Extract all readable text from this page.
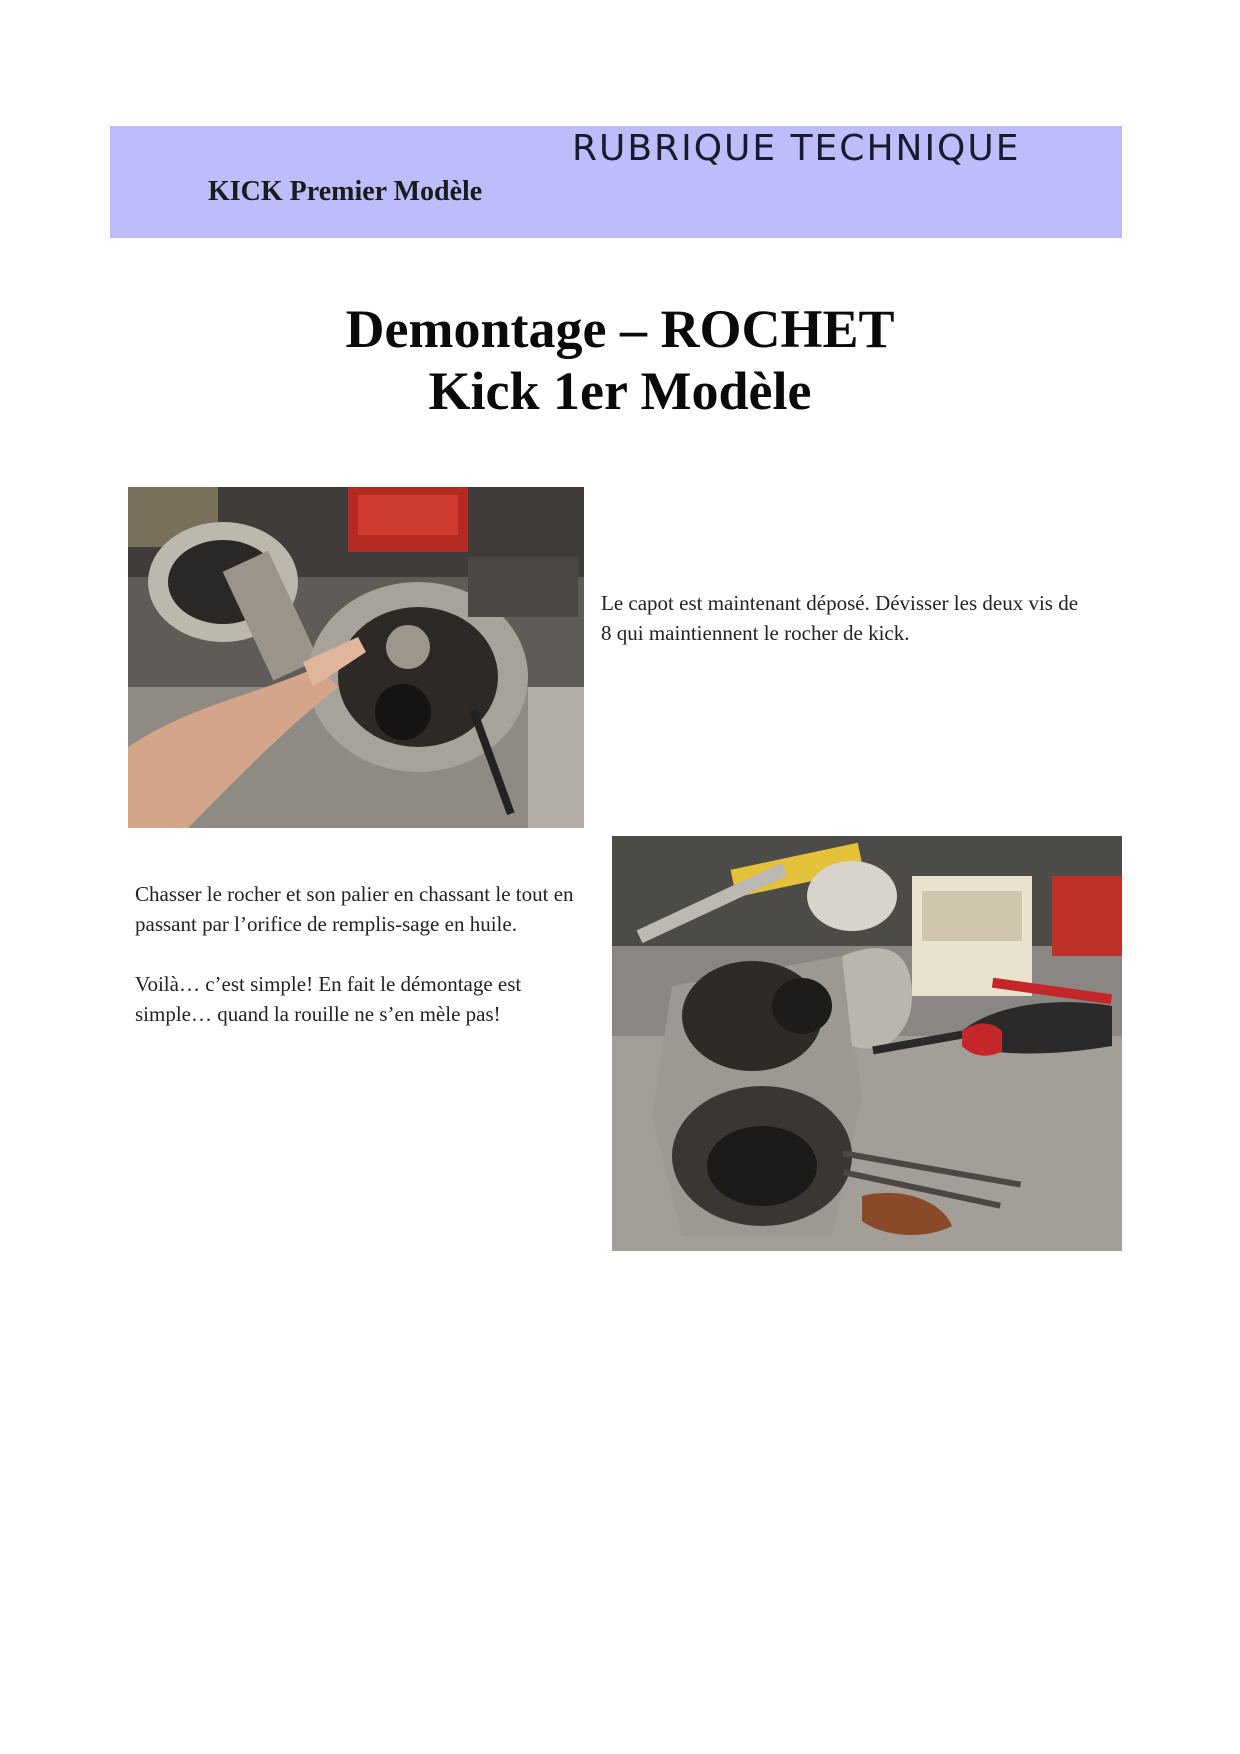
RUBRIQUE TECHNIQUE
KICK Premier Modèle
Demontage – ROCHET
Kick 1er Modèle
Le capot est maintenant déposé. Dévisser les deux vis de 8 qui maintiennent le rocher de kick.

Chasser le rocher et son palier en chassant le tout en passant par l’orifice de remplis-sage en huile.

Voilà… c’est simple! En fait le démontage est simple… quand la rouille ne s’en mèle pas!
